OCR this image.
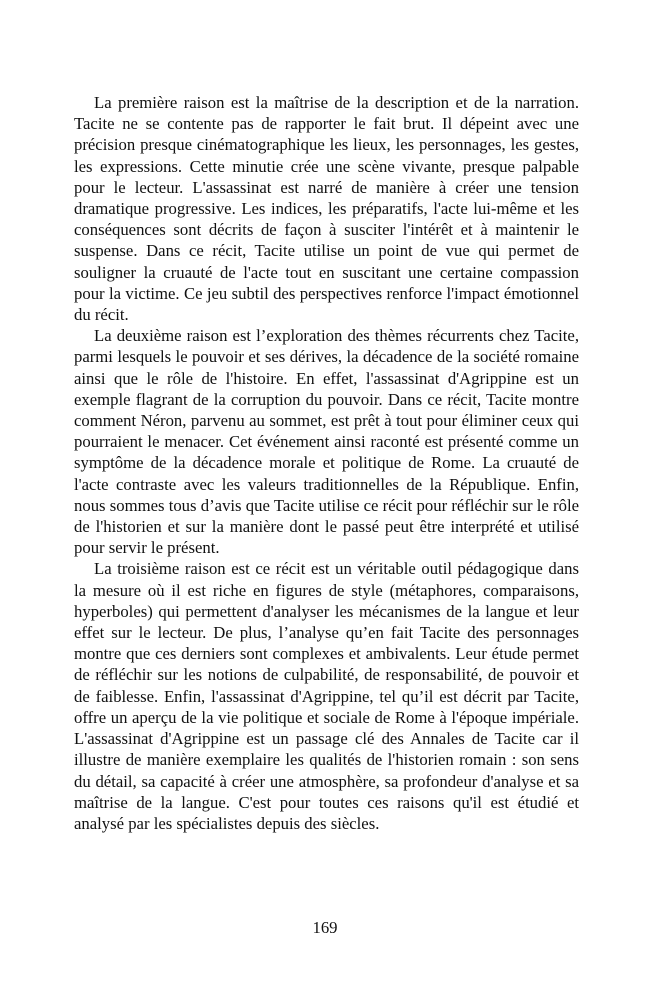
La première raison est la maîtrise de la description et de la narration. Tacite ne se contente pas de rapporter le fait brut. Il dépeint avec une précision presque cinématographique les lieux, les personnages, les gestes, les expressions. Cette minutie crée une scène vivante, presque palpable pour le lecteur. L'assassinat est narré de manière à créer une tension dramatique progressive. Les indices, les préparatifs, l'acte lui-même et les conséquences sont décrits de façon à susciter l'intérêt et à maintenir le suspense. Dans ce récit, Tacite utilise un point de vue qui permet de souligner la cruauté de l'acte tout en suscitant une certaine compassion pour la victime. Ce jeu subtil des perspectives renforce l'impact émotionnel du récit.

La deuxième raison est l’exploration des thèmes récurrents chez Tacite, parmi lesquels le pouvoir et ses dérives, la décadence de la société romaine ainsi que le rôle de l'histoire. En effet, l'assassinat d'Agrippine est un exemple flagrant de la corruption du pouvoir. Dans ce récit, Tacite montre comment Néron, parvenu au sommet, est prêt à tout pour éliminer ceux qui pourraient le menacer. Cet événement ainsi raconté est présenté comme un symptôme de la décadence morale et politique de Rome. La cruauté de l'acte contraste avec les valeurs traditionnelles de la République. Enfin, nous sommes tous d’avis que Tacite utilise ce récit pour réfléchir sur le rôle de l'historien et sur la manière dont le passé peut être interprété et utilisé pour servir le présent.

La troisième raison est ce récit est un véritable outil pédagogique dans la mesure où il est riche en figures de style (métaphores, comparaisons, hyperboles) qui permettent d'analyser les mécanismes de la langue et leur effet sur le lecteur. De plus, l’analyse qu’en fait Tacite des personnages montre que ces derniers sont complexes et ambivalents. Leur étude permet de réfléchir sur les notions de culpabilité, de responsabilité, de pouvoir et de faiblesse. Enfin, l'assassinat d'Agrippine, tel qu’il est décrit par Tacite, offre un aperçu de la vie politique et sociale de Rome à l'époque impériale. L'assassinat d'Agrippine est un passage clé des Annales de Tacite car il illustre de manière exemplaire les qualités de l'historien romain : son sens du détail, sa capacité à créer une atmosphère, sa profondeur d'analyse et sa maîtrise de la langue. C'est pour toutes ces raisons qu'il est étudié et analysé par les spécialistes depuis des siècles.

169
